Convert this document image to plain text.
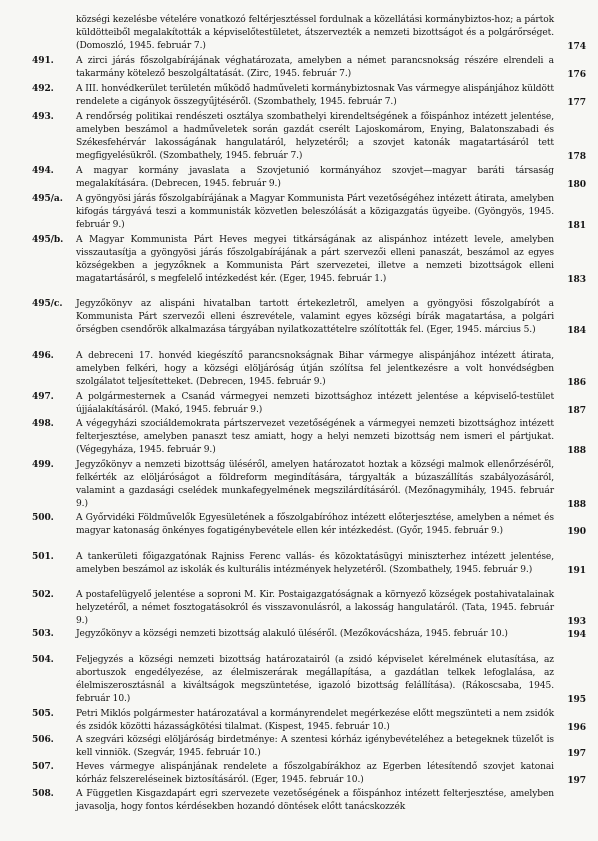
községi kezelésbe vételére vonatkozó feltérjesztéssel fordulnak a közellátási kormánybiztos-hoz; a pártok küldötteiből megalakították a képviselőtestületet, átszervezték a nemzeti bizottságot és a polgárőrséget. (Domoszló, 1945. február 7.)	174
491. A zirci járás főszolgabírájának véghatározata, amelyben a német parancsnokság részére elrendeli a takarmány kötelező beszolgáltatását. (Zirc, 1945. február 7.)	176
492. A III. honvédkerület területén működő hadműveleti kormánybiztosnak Vas vármegye alispánjához küldött rendelete a cigányok összegyűjtéséről. (Szombathely, 1945. február 7.)	177
493. A rendőrség politikai rendészeti osztálya szombathelyi kirendeltségének a főispánhoz intézett jelentése, amelyben beszámol a hadműveletek során gazdát cserélt Lajoskomárom, Enying, Balatonszabadi és Székesfehérvár lakosságának hangulatáról, helyzetéről; a szovjet katonák magatartásáról tett megfigyelésükről. (Szombathely, 1945. február 7.)	178
494. A magyar kormány javaslata a Szovjetunió kormányához szovjet—magyar baráti társaság megalakítására. (Debrecen, 1945. február 9.)	180
495/a. A gyöngyösi járás főszolgabírájának a Magyar Kommunista Párt vezetőségéhez intézett átirata, amelyben kifogás tárgyává teszi a kommunisták közvetlen beleszólását a közigazgatás ügyeibe. (Gyöngyös, 1945. február 9.)	181
495/b. A Magyar Kommunista Párt Heves megyei titkárságának az alispánhoz intézett levele, amelyben visszautasítja a gyöngyösi járás főszolgabírájának a párt szervezői elleni panaszát, beszámol az egyes községekben a jegyzőknek a Kommunista Párt szervezetei, illetve a nemzeti bizottságok elleni magatartásáról, s megfelelő intézkedést kér. (Eger, 1945. február 1.)	183
495/c. Jegyzőkönyv az alispáni hivatalban tartott értekezletről, amelyen a gyöngyösi főszolgabírót a Kommunista Párt szervezői elleni észrevétele, valamint egyes községi bírák magatartása, a polgári őrségben csendőrök alkalmazása tárgyában nyilatkozattételre szólították fel. (Eger, 1945. március 5.)	184
496. A debreceni 17. honvéd kiegészítő parancsnokságnak Bihar vármegye alispánjához intézett átirata, amelyben felkéri, hogy a községi elöljáróság útján szólítsa fel jelentkezésre a volt honvédségben szolgálatot teljesítetteket. (Debrecen, 1945. február 9.)	186
497. A polgármesternek a Csanád vármegyei nemzeti bizottsághoz intézett jelentése a képviselő-testület újjáalakításáról. (Makó, 1945. február 9.)	187
498. A végegyházi szociáldemokrata pártszervezet vezetőségének a vármegyei nemzeti bizottsághoz intézett felterjesztése, amelyben panaszt tesz amiatt, hogy a helyi nemzeti bizottság nem ismeri el pártjukat. (Végegyháza, 1945. február 9.)	188
499. Jegyzőkönyv a nemzeti bizottság üléséről, amelyen határozatot hoztak a községi malmok ellenőrzéséről, felkérték az elöljáróságot a földreform megindítására, tárgyalták a búzaszállítás szabályozásáról, valamint a gazdasági cselédek munkafegyelmének megszilárdításáról. (Mezőnagymihály, 1945. február 9.)	188
500. A Győrvidéki Földművelők Egyesületének a főszolgabíróhoz intézett előterjesztése, amelyben a német és magyar katonaság önkényes fogatigénybevétele ellen kér intézkedést. (Győr, 1945. február 9.)	190
501. A tankerületi főigazgatónak Rajniss Ferenc vallás- és közoktatásügyi miniszterhez intézett jelentése, amelyben beszámol az iskolák és kulturális intézmények helyzetéről. (Szombathely, 1945. február 9.)	191
502. A postafelügyelő jelentése a soproni M. Kir. Postaigazgatóságnak a környező községek postahivatalainak helyzetéről, a német fosztogatásokról és visszavonulásról, a lakosság hangulatáról. (Tata, 1945. február 9.)	193
503. Jegyzőkönyv a községi nemzeti bizottság alakuló üléséről. (Mezőkovácsháza, 1945. február 10.)	194
504. Feljegyzés a községi nemzeti bizottság határozatairól (a zsidó képviselet kérelmének elutasítása, az abortuszok engedélyezése, az élelmiszerárak megállapítása, a gazdátlan telkek lefoglalása, az élelmiszerosztásnál a kiváltságok megszüntetése, igazoló bizottság felállítása). (Rákoscsaba, 1945. február 10.)	195
505. Petri Miklós polgármester határozatával a kormányrendelet megérkezése előtt megszünteti a nem zsidók és zsidók közötti házasságkötési tilalmat. (Kispest, 1945. február 10.)	196
506. A szegvári községi elöljáróság birdetménye: A szentesi kórház igénybevételéhez a betegeknek tüzelőt is kell vinniök. (Szegvár, 1945. február 10.)	197
507. Heves vármegye alispánjának rendelete a főszolgabírákhoz az Egerben létesítendő szovjet katonai kórház felszereléseinek biztosításáról. (Eger, 1945. február 10.)	197
508. A Független Kisgazdapárt egri szervezete vezetőségének a főispánhoz intézett felterjesztése, amelyben javasolja, hogy fontos kérdésekben hozandó döntések előtt tanácskozzék
